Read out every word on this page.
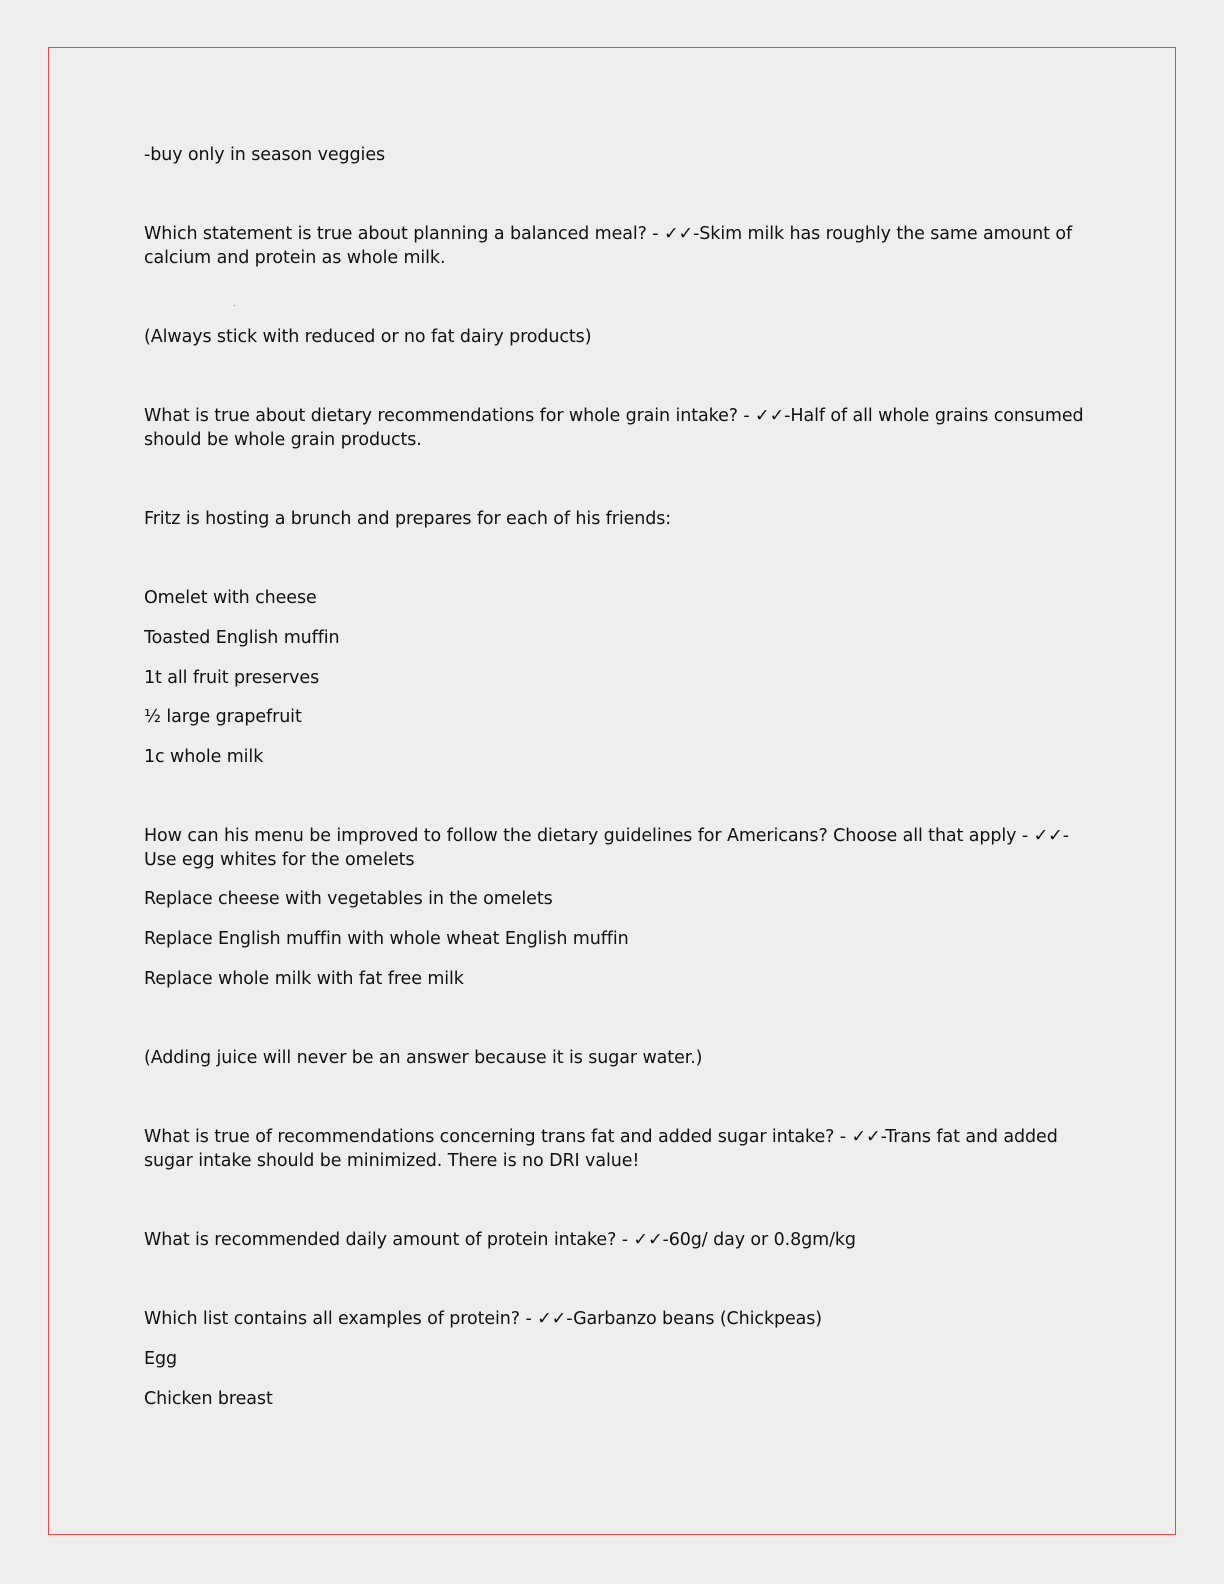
-buy only in season veggies

Which statement is true about planning a balanced meal? - ✓✓-Skim milk has roughly the same amount of calcium and protein as whole milk.

(Always stick with reduced or no fat dairy products)

What is true about dietary recommendations for whole grain intake? - ✓✓-Half of all whole grains consumed should be whole grain products.

Fritz is hosting a brunch and prepares for each of his friends:

Omelet with cheese

Toasted English muffin

1t all fruit preserves

½ large grapefruit

1c whole milk

How can his menu be improved to follow the dietary guidelines for Americans? Choose all that apply - ✓✓-Use egg whites for the omelets

Replace cheese with vegetables in the omelets

Replace English muffin with whole wheat English muffin

Replace whole milk with fat free milk

(Adding juice will never be an answer because it is sugar water.)

What is true of recommendations concerning trans fat and added sugar intake? - ✓✓-Trans fat and added sugar intake should be minimized. There is no DRI value!

What is recommended daily amount of protein intake? - ✓✓-60g/ day or 0.8gm/kg

Which list contains all examples of protein? - ✓✓-Garbanzo beans (Chickpeas)

Egg

Chicken breast
